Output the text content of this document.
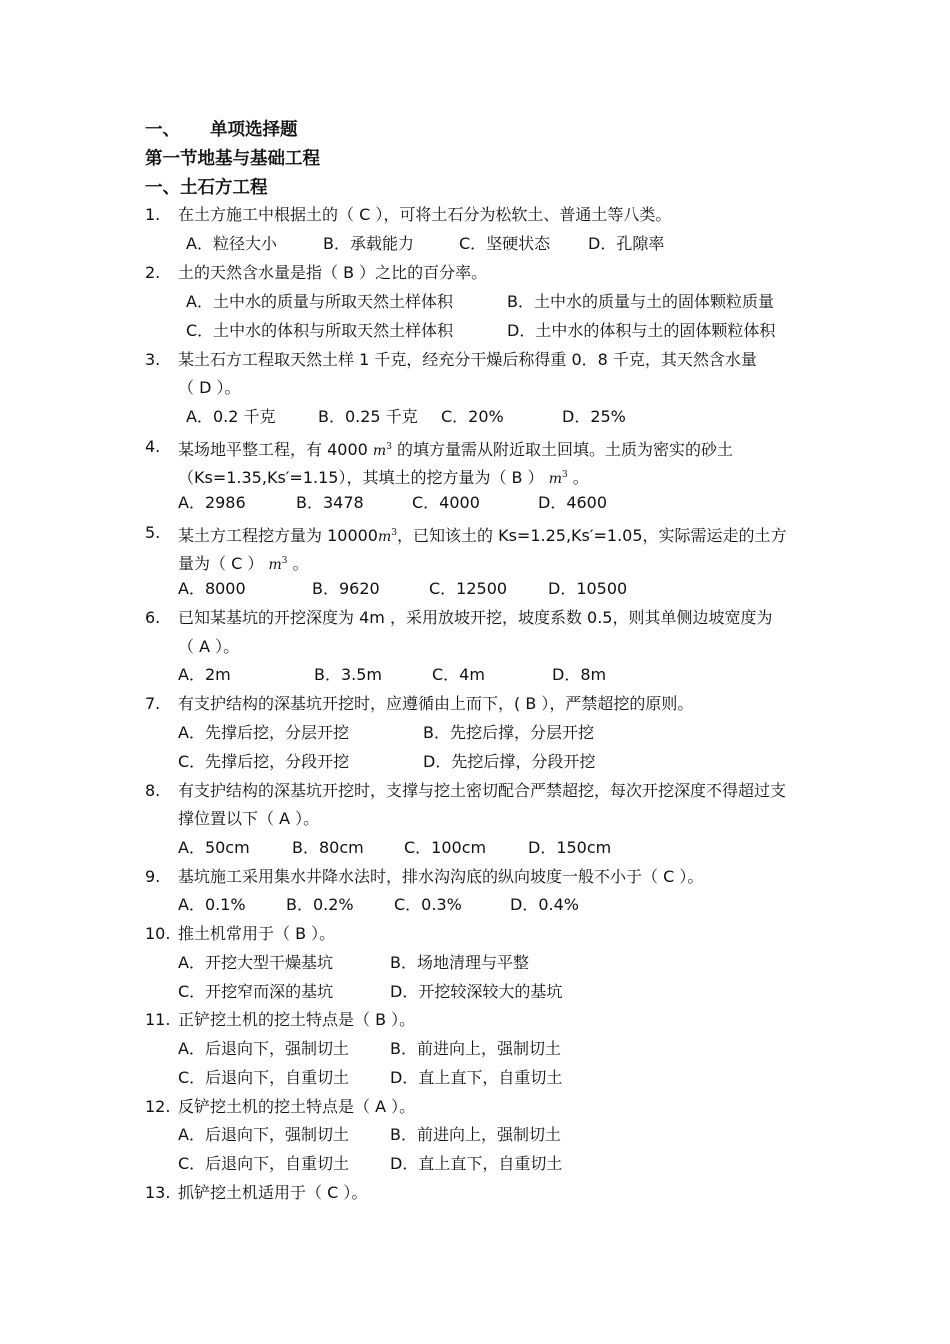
一、 单项选择题
第一节地基与基础工程
一、土石方工程
1. 在土方施工中根据土的（ C ），可将土石分为松软土、普通土等八类。
A．粒径大小	B．承载能力	C．坚硬状态 D．孔隙率
2. 土的天然含水量是指（ B ）之比的百分率。
A．土中水的质量与所取天然土样体积	B．土中水的质量与土的固体颗粒质量
C．土中水的体积与所取天然土样体积	D．土中水的体积与土的固体颗粒体积
3. 某土石方工程取天然土样 1 千克，经充分干燥后称得重 0．8 千克，其天然含水量
（ D ）。
A．0.2 千克	B．0.25 千克 C．20%	D．25%
4. 某场地平整工程，有 4000 $m^3$ 的填方量需从附近取土回填。土质为密实的砂土
（Ks=1.35,Ks′=1.15），其填土的挖方量为（ B ） $m^3$ 。
A．2986	B．3478	C．4000	D．4600
5. 某土方工程挖方量为 $10000m^3$，已知该土的 Ks=1.25,Ks′=1.05，实际需运走的土方
量为（ C ） $m^3$ 。
A．8000	B．9620	C．12500	D．10500
6. 已知某基坑的开挖深度为 4m ，采用放坡开挖，坡度系数 0.5，则其单侧边坡宽度为
（ A ）。
A．2m	B．3.5m	C．4m	D．8m
7. 有支护结构的深基坑开挖时，应遵循由上而下，( B ），严禁超挖的原则。
A．先撑后挖，分层开挖	B．先挖后撑，分层开挖
C．先撑后挖，分段开挖	D．先挖后撑，分段开挖
8. 有支护结构的深基坑开挖时，支撑与挖土密切配合严禁超挖，每次开挖深度不得超过支
撑位置以下（ A ）。
A．50cm	B．80cm	C．100cm	D．150cm
9. 基坑施工采用集水井降水法时，排水沟沟底的纵向坡度一般不小于（ C ）。
A．0.1%	B．0.2%	C．0.3%	D．0.4%
10. 推土机常用于（ B ）。
A．开挖大型干燥基坑	B．场地清理与平整
C．开挖窄而深的基坑	D．开挖较深较大的基坑
11. 正铲挖土机的挖土特点是（ B ）。
A．后退向下，强制切土	B．前进向上，强制切土
C．后退向下，自重切土	D．直上直下，自重切土
12. 反铲挖土机的挖土特点是（ A ）。
A．后退向下，强制切土	B．前进向上，强制切土
C．后退向下，自重切土	D．直上直下，自重切土
13. 抓铲挖土机适用于（ C ）。
